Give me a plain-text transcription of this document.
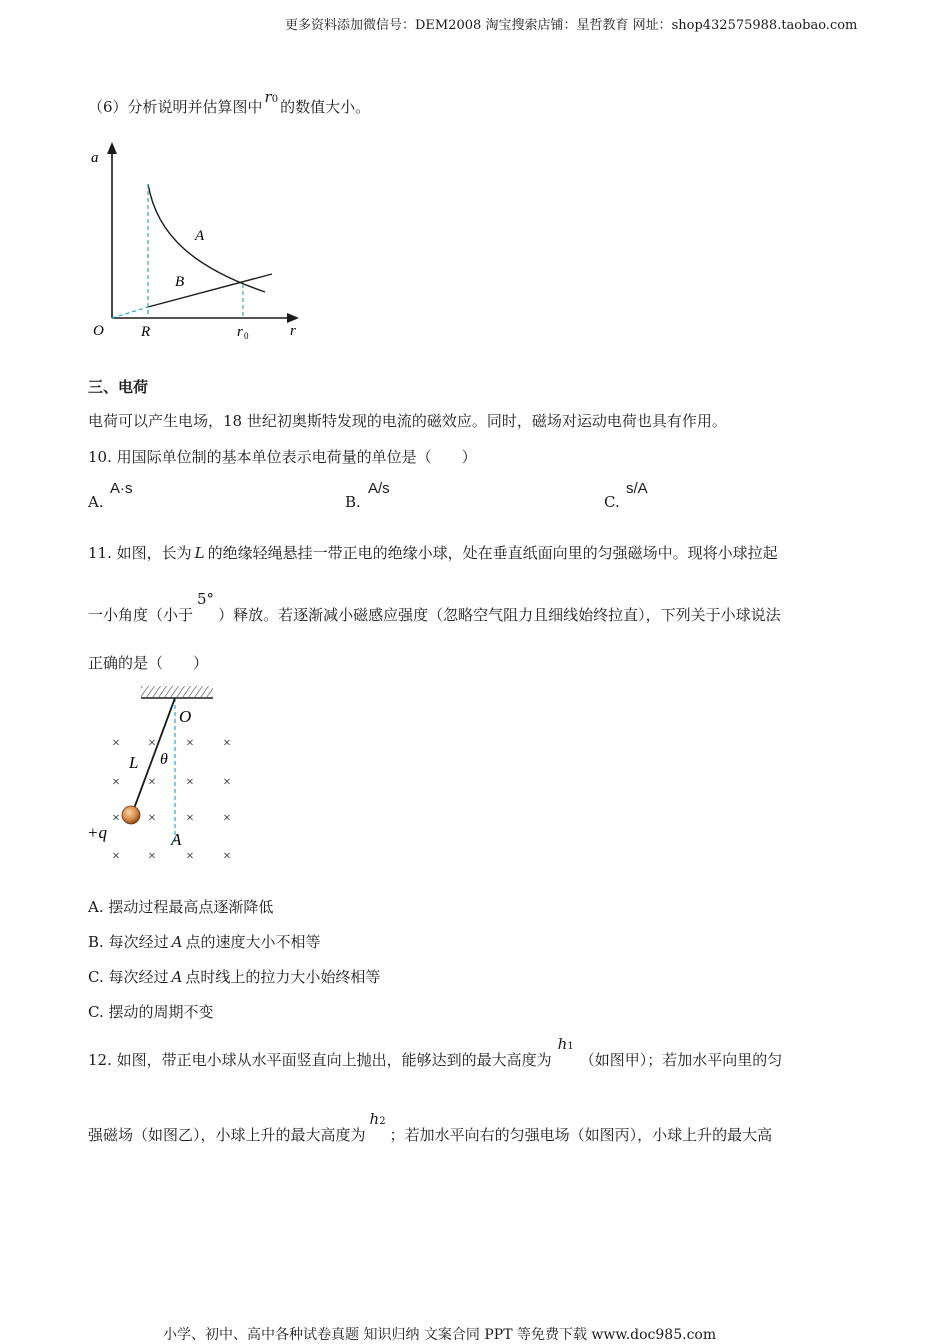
更多资料添加微信号：DEM2008 淘宝搜索店铺：星哲教育 网址：shop432575988.taobao.com
（6）分析说明并估算图中r0 的数值大小。
a
r
O
A
B
R	r 0
三、电荷
电荷可以产生电场，18 世纪初奥斯特发现的电流的磁效应。同时，磁场对运动电荷也具有作用。
10. 用国际单位制的基本单位表示电荷量的单位是（　　）
A.
A·s
B.
A/s
C.
s/A
11. 如图，长为 L 的绝缘轻绳悬挂一带正电的绝缘小球，处在垂直纸面向里的匀强磁场中。现将小球拉起
一小角度（小于5°）释放。若逐渐减小磁感应强度（忽略空气阻力且细线始终拉直），下列关于小球说法
正确的是（　　）
× × × ×
× × × ×
× × × ×
× × × ×
O
L θ
+q	A
A. 摆动过程最高点逐渐降低
B. 每次经过 A 点的速度大小不相等
C. 每次经过 A 点时线上的拉力大小始终相等
C. 摆动的周期不变
12. 如图，带正电小球从水平面竖直向上抛出，能够达到的最大高度为h1（如图甲）；若加水平向里的匀
强磁场（如图乙），小球上升的最大高度为h2；若加水平向右的匀强电场（如图丙），小球上升的最大高
小学、初中、高中各种试卷真题 知识归纳 文案合同 PPT 等免费下载 www.doc985.com
